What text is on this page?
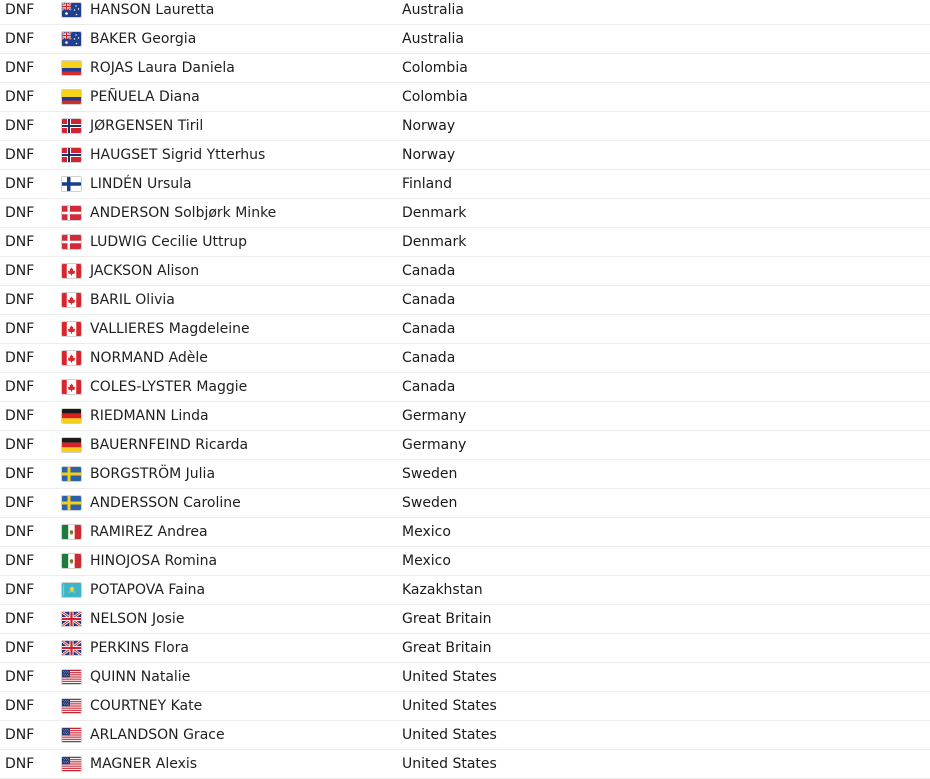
DNF	HANSON Lauretta	Australia
DNF	BAKER Georgia	Australia
DNF	ROJAS Laura Daniela	Colombia
DNF	PEÑUELA Diana	Colombia
DNF	JØRGENSEN Tiril	Norway
DNF	HAUGSET Sigrid Ytterhus	Norway
DNF	LINDÉN Ursula	Finland
DNF	ANDERSON Solbjørk Minke	Denmark
DNF	LUDWIG Cecilie Uttrup	Denmark
DNF	JACKSON Alison	Canada
DNF	BARIL Olivia	Canada
DNF	VALLIERES Magdeleine	Canada
DNF	NORMAND Adèle	Canada
DNF	COLES-LYSTER Maggie	Canada
DNF	RIEDMANN Linda	Germany
DNF	BAUERNFEIND Ricarda	Germany
DNF	BORGSTRÖM Julia	Sweden
DNF	ANDERSSON Caroline	Sweden
DNF	RAMIREZ Andrea	Mexico
DNF	HINOJOSA Romina	Mexico
DNF	POTAPOVA Faina	Kazakhstan
DNF	NELSON Josie	Great Britain
DNF	PERKINS Flora	Great Britain
DNF	QUINN Natalie	United States
DNF	COURTNEY Kate	United States
DNF	ARLANDSON Grace	United States
DNF	MAGNER Alexis	United States
